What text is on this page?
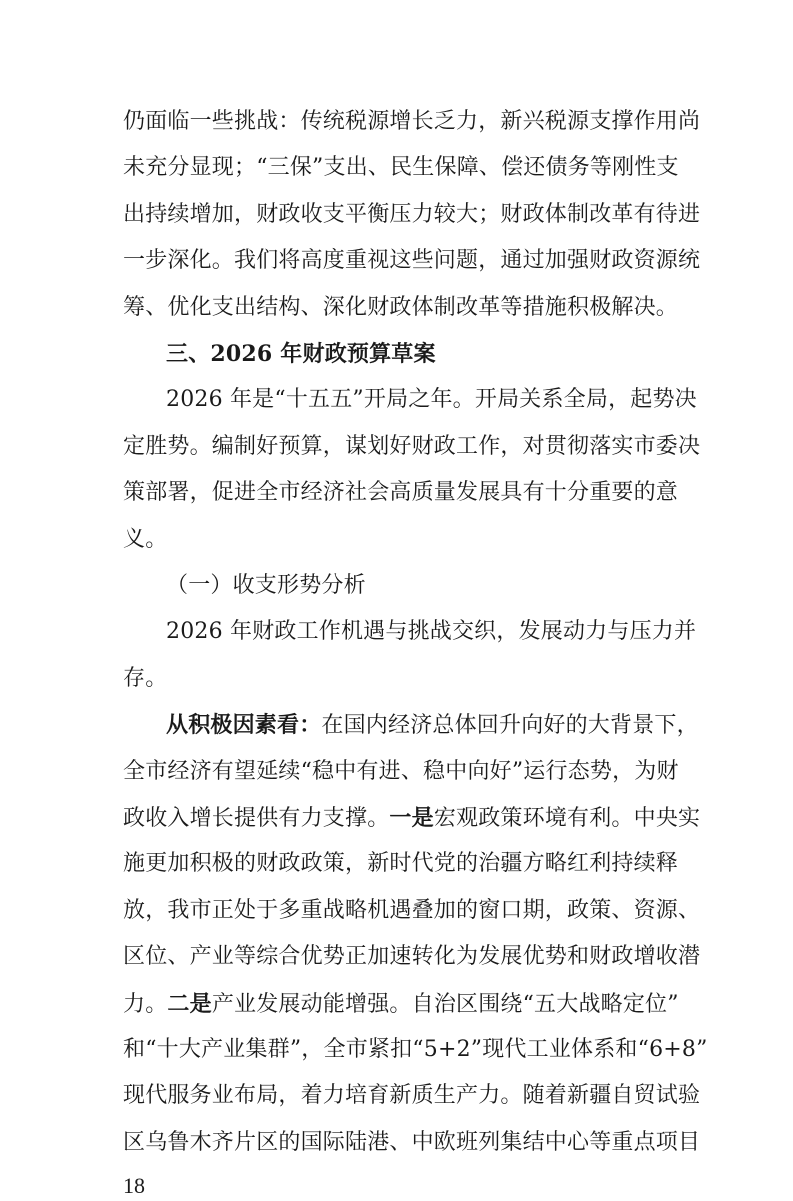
仍面临一些挑战：传统税源增长乏力，新兴税源支撑作用尚
未充分显现；“三保”支出、民生保障、偿还债务等刚性支
出持续增加，财政收支平衡压力较大；财政体制改革有待进
一步深化。我们将高度重视这些问题，通过加强财政资源统
筹、优化支出结构、深化财政体制改革等措施积极解决。
三、2026 年财政预算草案
2026 年是“十五五”开局之年。开局关系全局，起势决
定胜势。编制好预算，谋划好财政工作，对贯彻落实市委决
策部署，促进全市经济社会高质量发展具有十分重要的意
义。
（一）收支形势分析
2026 年财政工作机遇与挑战交织，发展动力与压力并
存。
从积极因素看：在国内经济总体回升向好的大背景下，
全市经济有望延续“稳中有进、稳中向好”运行态势，为财
政收入增长提供有力支撑。一是宏观政策环境有利。中央实
施更加积极的财政政策，新时代党的治疆方略红利持续释
放，我市正处于多重战略机遇叠加的窗口期，政策、资源、
区位、产业等综合优势正加速转化为发展优势和财政增收潜
力。二是产业发展动能增强。自治区围绕“五大战略定位”
和“十大产业集群”，全市紧扣“5+2”现代工业体系和“6+8”
现代服务业布局，着力培育新质生产力。随着新疆自贸试验
区乌鲁木齐片区的国际陆港、中欧班列集结中心等重点项目
18
